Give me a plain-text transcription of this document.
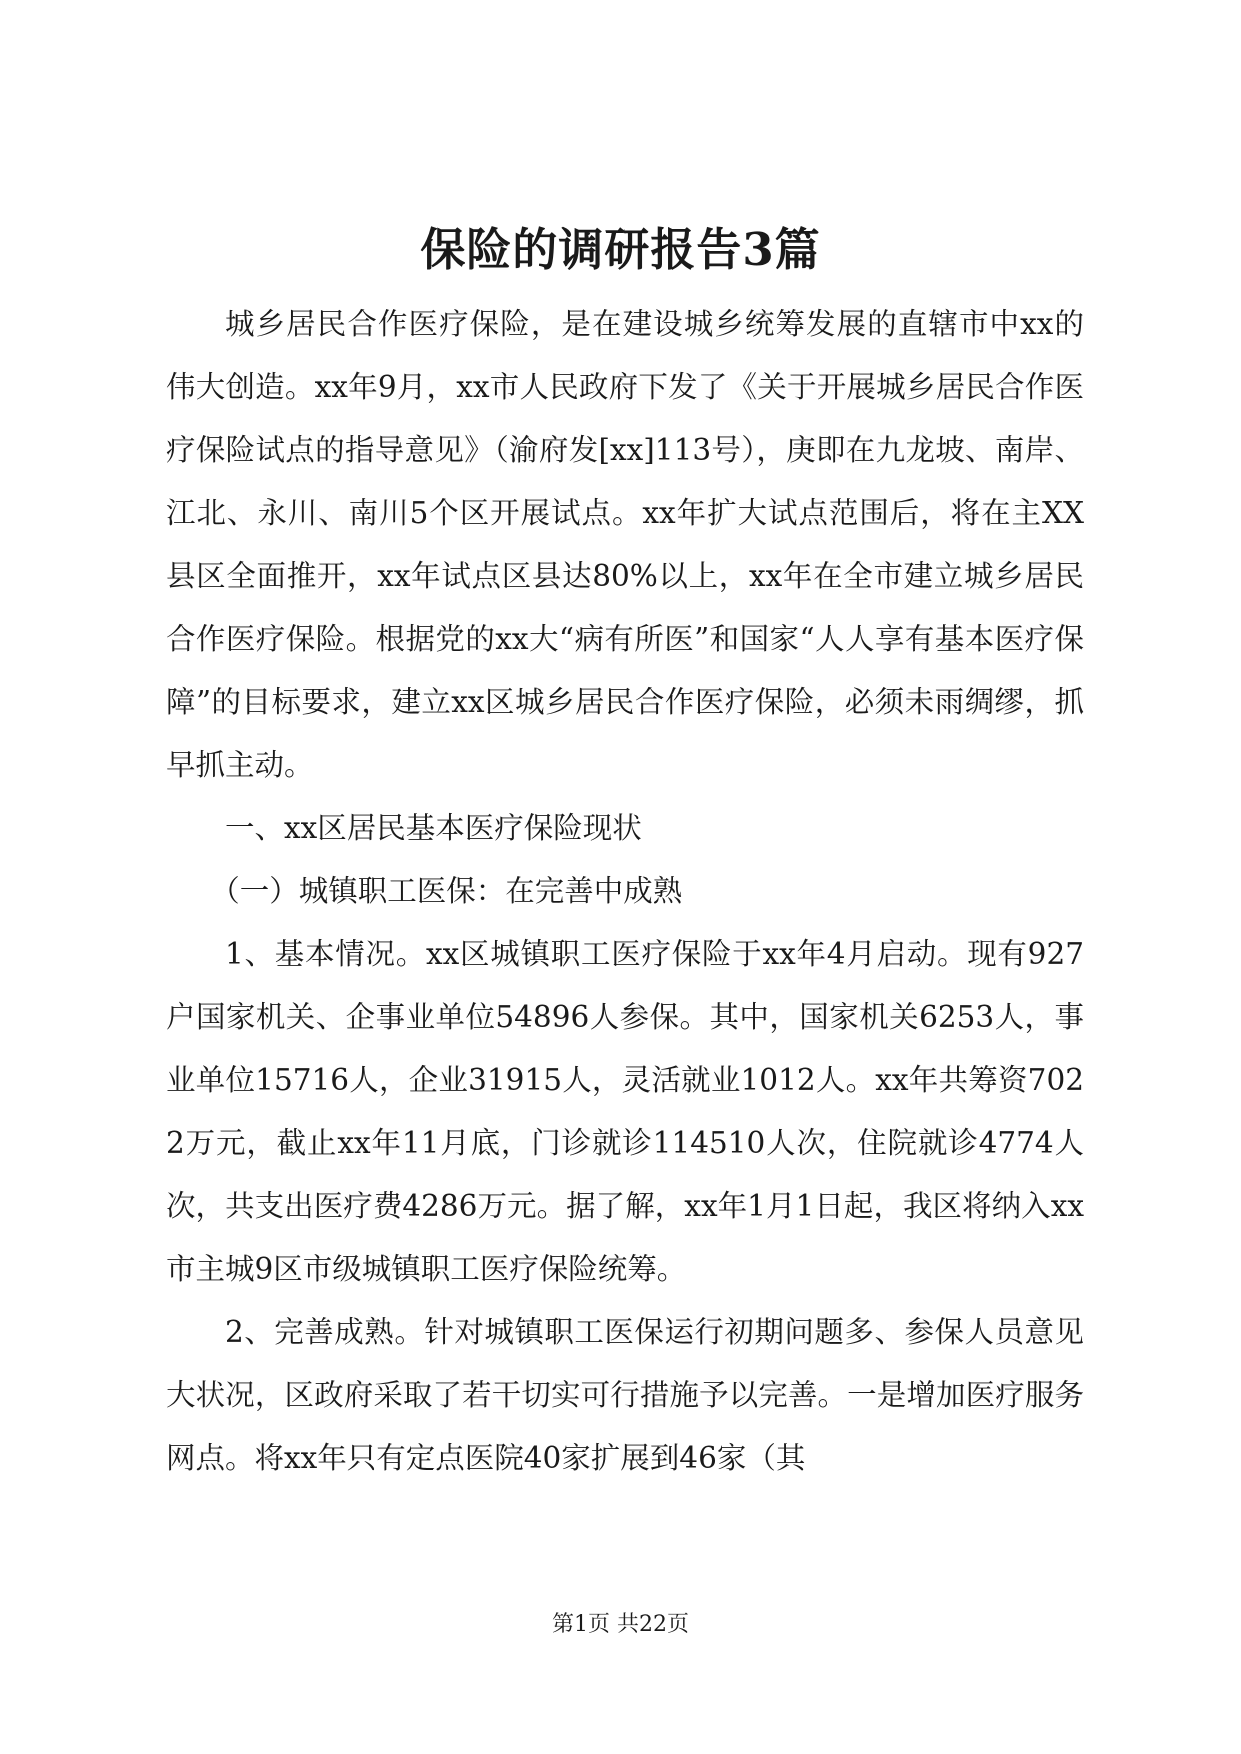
保险的调研报告3篇

城乡居民合作医疗保险，是在建设城乡统筹发展的直辖市中xx的伟大创造。xx年9月，xx市人民政府下发了《关于开展城乡居民合作医疗保险试点的指导意见》（渝府发[xx]113号），庚即在九龙坡、南岸、江北、永川、南川5个区开展试点。xx年扩大试点范围后，将在主XX县区全面推开，xx年试点区县达80%以上，xx年在全市建立城乡居民合作医疗保险。根据党的xx大“病有所医”和国家“人人享有基本医疗保障”的目标要求，建立xx区城乡居民合作医疗保险，必须未雨绸缪，抓早抓主动。

一、xx区居民基本医疗保险现状

（一）城镇职工医保：在完善中成熟

1、基本情况。xx区城镇职工医疗保险于xx年4月启动。现有927户国家机关、企事业单位54896人参保。其中，国家机关6253人，事业单位15716人，企业31915人，灵活就业1012人。xx年共筹资7022万元，截止xx年11月底，门诊就诊114510人次，住院就诊4774人次，共支出医疗费4286万元。据了解，xx年1月1日起，我区将纳入xx市主城9区市级城镇职工医疗保险统筹。

2、完善成熟。针对城镇职工医保运行初期问题多、参保人员意见大状况，区政府采取了若干切实可行措施予以完善。一是增加医疗服务网点。将xx年只有定点医院40家扩展到46家（其

第1页 共22页
